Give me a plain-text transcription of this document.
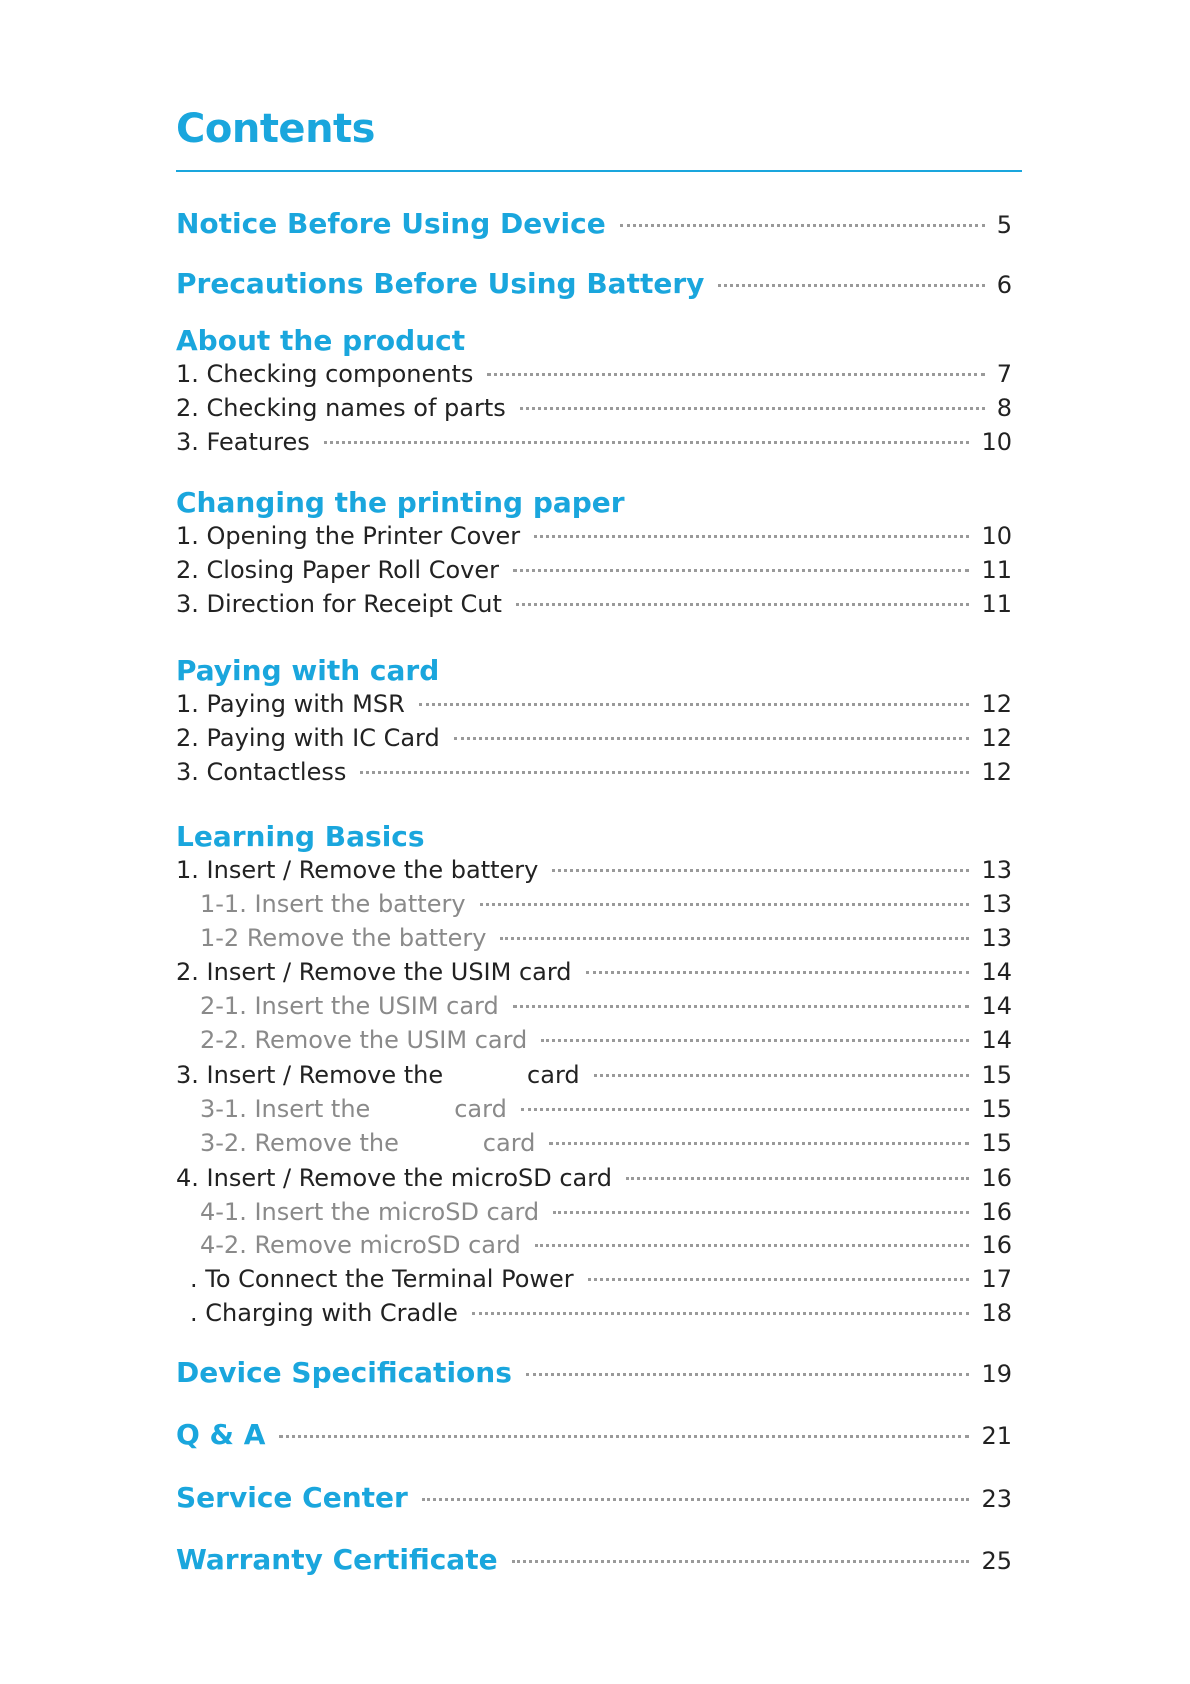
Contents
Notice Before Using Device	5
Precautions Before Using Battery	6
About the product
1. Checking components	7
2. Checking names of parts	8
3. Features	10
Changing the printing paper
1. Opening the Printer Cover	10
2. Closing Paper Roll Cover	11
3. Direction for Receipt Cut	11
Paying with card
1. Paying with MSR	12
2. Paying with IC Card	12
3. Contactless	12
Learning Basics
1. Insert / Remove the battery	13
1-1. Insert the battery	13
1-2 Remove the battery	13
2. Insert / Remove the USIM card	14
2-1. Insert the USIM card	14
2-2. Remove the USIM card	14
3. Insert / Remove the           card	15
3-1. Insert the           card	15
3-2. Remove the           card	15
4. Insert / Remove the microSD card	16
4-1. Insert the microSD card	16
4-2. Remove microSD card	16
. To Connect the Terminal Power	17
. Charging with Cradle	18
Device Specifications	19
Q & A	21
Service Center	23
Warranty Certificate	25
